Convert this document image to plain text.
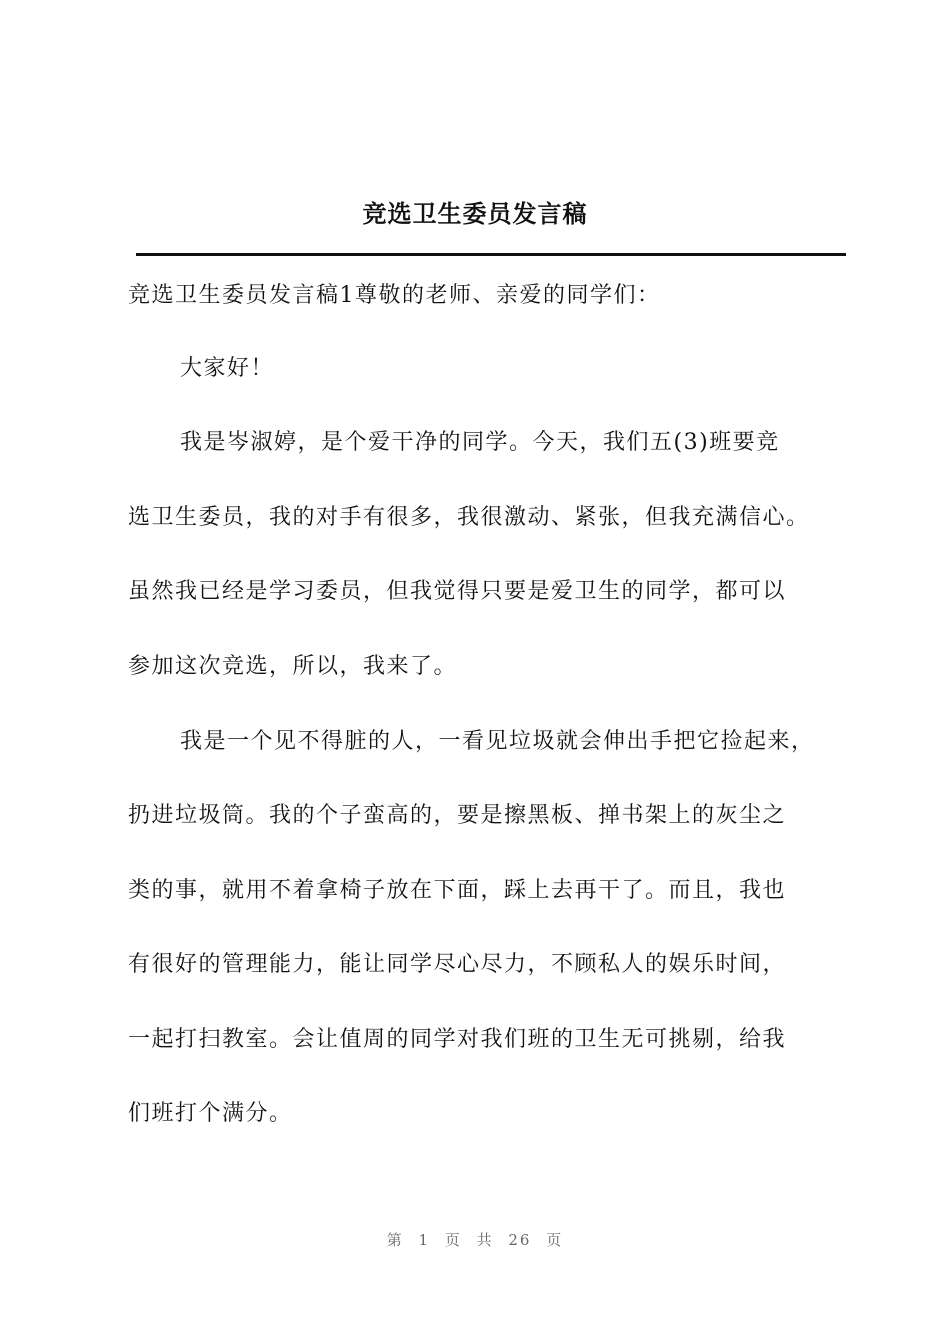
竞选卫生委员发言稿
竞选卫生委员发言稿1尊敬的老师、亲爱的同学们：
大家好！
我是岑淑婷，是个爱干净的同学。今天，我们五(3)班要竞
选卫生委员，我的对手有很多，我很激动、紧张，但我充满信心。
虽然我已经是学习委员，但我觉得只要是爱卫生的同学，都可以
参加这次竞选，所以，我来了。
我是一个见不得脏的人，一看见垃圾就会伸出手把它捡起来，
扔进垃圾筒。我的个子蛮高的，要是擦黑板、掸书架上的灰尘之
类的事，就用不着拿椅子放在下面，踩上去再干了。而且，我也
有很好的管理能力，能让同学尽心尽力，不顾私人的娱乐时间，
一起打扫教室。会让值周的同学对我们班的卫生无可挑剔，给我
们班打个满分。
第 1 页 共 26 页
